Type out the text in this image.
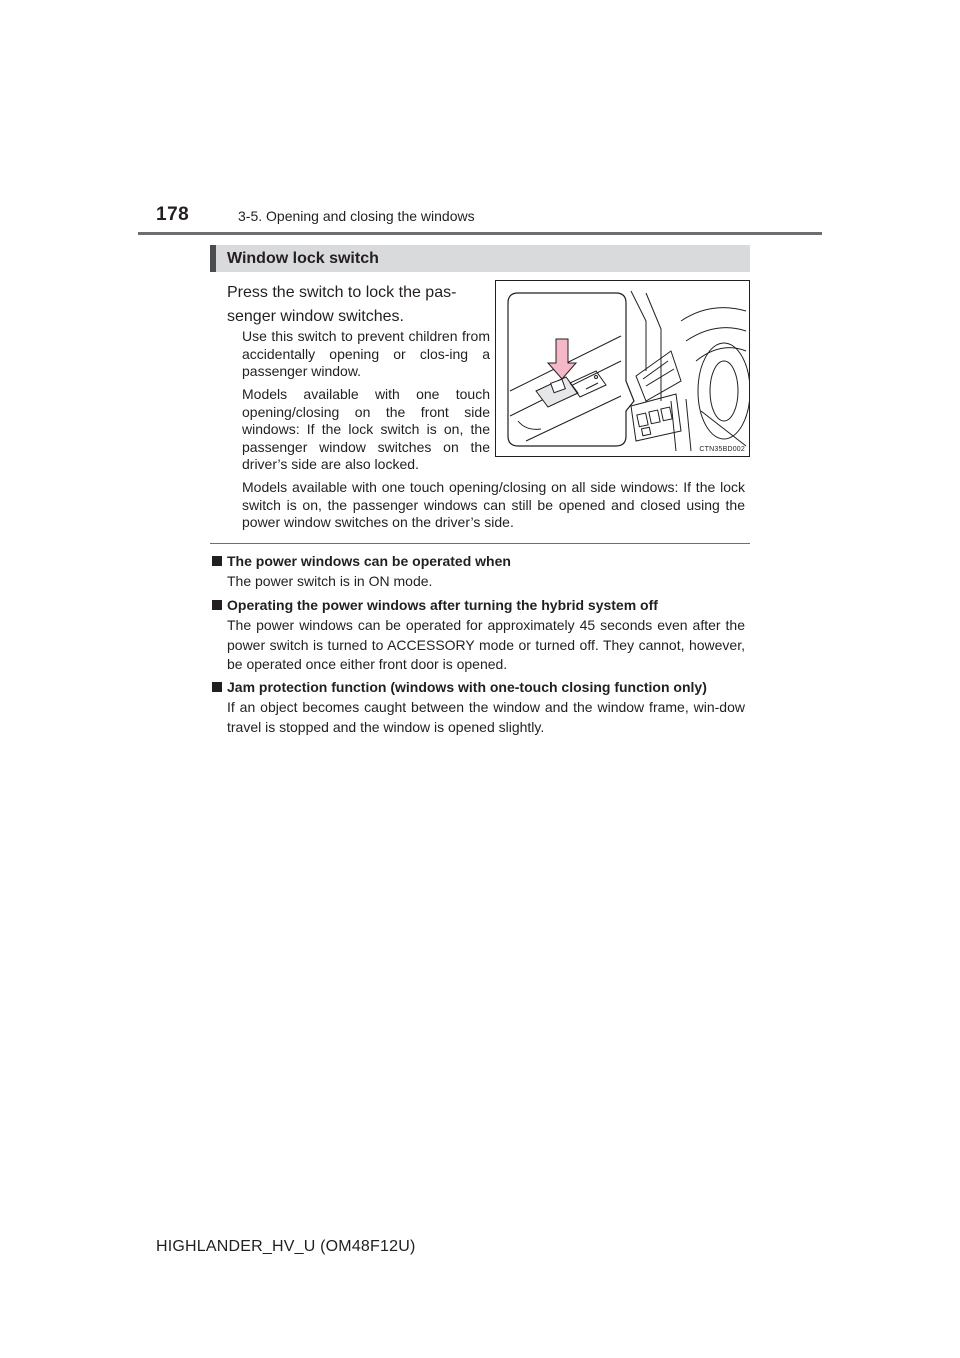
178	3-5. Opening and closing the windows
Window lock switch
Press the switch to lock the pas-
senger window switches.
Use this switch to prevent children from accidentally opening or clos-ing a passenger window.
Models available with one touch opening/closing on the front side windows: If the lock switch is on, the passenger window switches on the driver’s side are also locked.
CTN35BD002
Models available with one touch opening/closing on all side windows: If the lock switch is on, the passenger windows can still be opened and closed using the power window switches on the driver’s side.
The power windows can be operated when
The power switch is in ON mode.
Operating the power windows after turning the hybrid system off
The power windows can be operated for approximately 45 seconds even after the power switch is turned to ACCESSORY mode or turned off. They cannot, however, be operated once either front door is opened.
Jam protection function (windows with one-touch closing function only)
If an object becomes caught between the window and the window frame, win-dow travel is stopped and the window is opened slightly.
HIGHLANDER_HV_U (OM48F12U)
